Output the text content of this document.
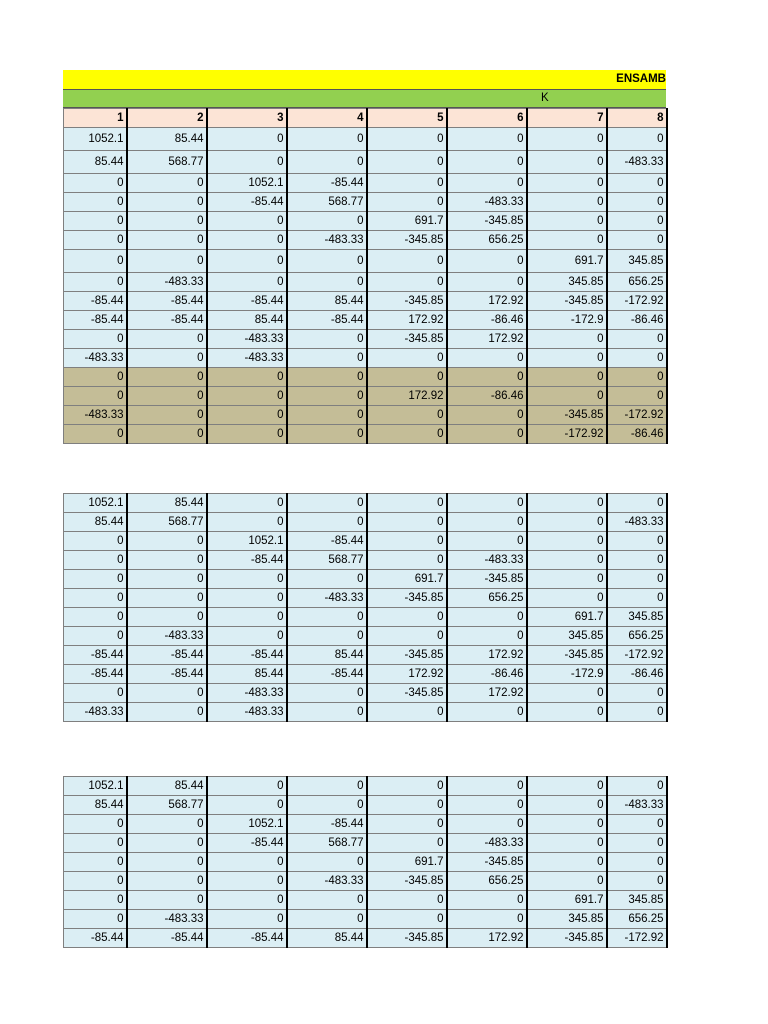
ENSAMB
K
1	2	3	4	5	6	7	8
1052.1	85.44	0	0	0	0	0	0
85.44	568.77	0	0	0	0	0	-483.33
0	0	1052.1	-85.44	0	0	0	0
0	0	-85.44	568.77	0	-483.33	0	0
0	0	0	0	691.7	-345.85	0	0
0	0	0	-483.33	-345.85	656.25	0	0
0	0	0	0	0	0	691.7	345.85
0	-483.33	0	0	0	0	345.85	656.25
-85.44	-85.44	-85.44	85.44	-345.85	172.92	-345.85	-172.92
-85.44	-85.44	85.44	-85.44	172.92	-86.46	-172.9	-86.46
0	0	-483.33	0	-345.85	172.92	0	0
-483.33	0	-483.33	0	0	0	0	0
0	0	0	0	0	0	0	0
0	0	0	0	172.92	-86.46	0	0
-483.33	0	0	0	0	0	-345.85	-172.92
0	0	0	0	0	0	-172.92	-86.46
1052.1	85.44	0	0	0	0	0	0
85.44	568.77	0	0	0	0	0	-483.33
0	0	1052.1	-85.44	0	0	0	0
0	0	-85.44	568.77	0	-483.33	0	0
0	0	0	0	691.7	-345.85	0	0
0	0	0	-483.33	-345.85	656.25	0	0
0	0	0	0	0	0	691.7	345.85
0	-483.33	0	0	0	0	345.85	656.25
-85.44	-85.44	-85.44	85.44	-345.85	172.92	-345.85	-172.92
-85.44	-85.44	85.44	-85.44	172.92	-86.46	-172.9	-86.46
0	0	-483.33	0	-345.85	172.92	0	0
-483.33	0	-483.33	0	0	0	0	0
1052.1	85.44	0	0	0	0	0	0
85.44	568.77	0	0	0	0	0	-483.33
0	0	1052.1	-85.44	0	0	0	0
0	0	-85.44	568.77	0	-483.33	0	0
0	0	0	0	691.7	-345.85	0	0
0	0	0	-483.33	-345.85	656.25	0	0
0	0	0	0	0	0	691.7	345.85
0	-483.33	0	0	0	0	345.85	656.25
-85.44	-85.44	-85.44	85.44	-345.85	172.92	-345.85	-172.92
